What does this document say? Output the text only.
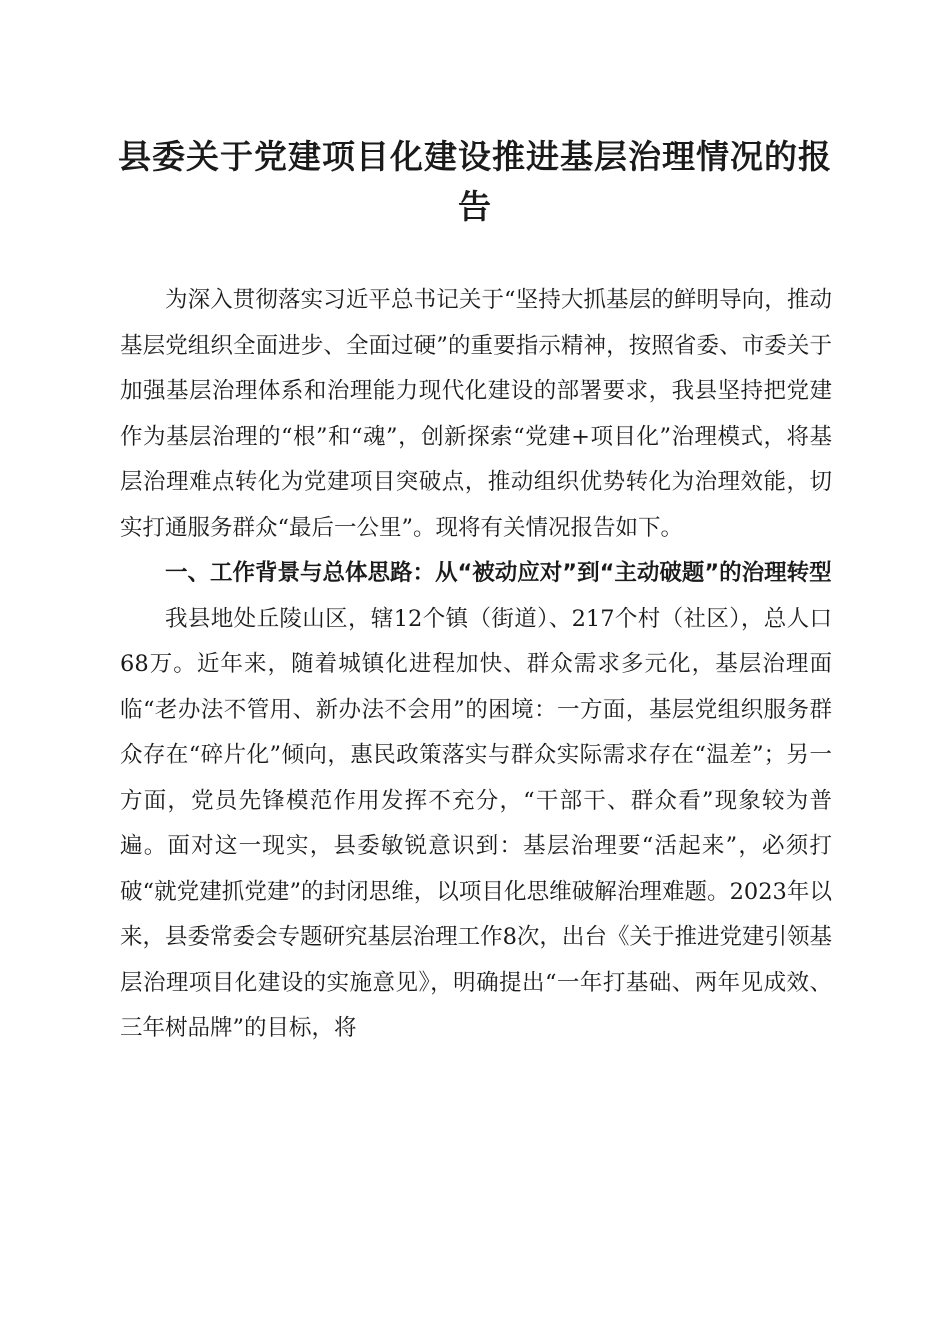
县委关于党建项目化建设推进基层治理情况的报告

为深入贯彻落实习近平总书记关于“坚持大抓基层的鲜明导向，推动基层党组织全面进步、全面过硬”的重要指示精神，按照省委、市委关于加强基层治理体系和治理能力现代化建设的部署要求，我县坚持把党建作为基层治理的“根”和“魂”，创新探索“党建+项目化”治理模式，将基层治理难点转化为党建项目突破点，推动组织优势转化为治理效能，切实打通服务群众“最后一公里”。现将有关情况报告如下。

一、工作背景与总体思路：从“被动应对”到“主动破题”的治理转型

我县地处丘陵山区，辖12个镇（街道）、217个村（社区），总人口68万。近年来，随着城镇化进程加快、群众需求多元化，基层治理面临“老办法不管用、新办法不会用”的困境：一方面，基层党组织服务群众存在“碎片化”倾向，惠民政策落实与群众实际需求存在“温差”；另一方面，党员先锋模范作用发挥不充分，“干部干、群众看”现象较为普遍。面对这一现实，县委敏锐意识到：基层治理要“活起来”，必须打破“就党建抓党建”的封闭思维，以项目化思维破解治理难题。2023年以来，县委常委会专题研究基层治理工作8次，出台《关于推进党建引领基层治理项目化建设的实施意见》，明确提出“一年打基础、两年见成效、三年树品牌”的目标，将
